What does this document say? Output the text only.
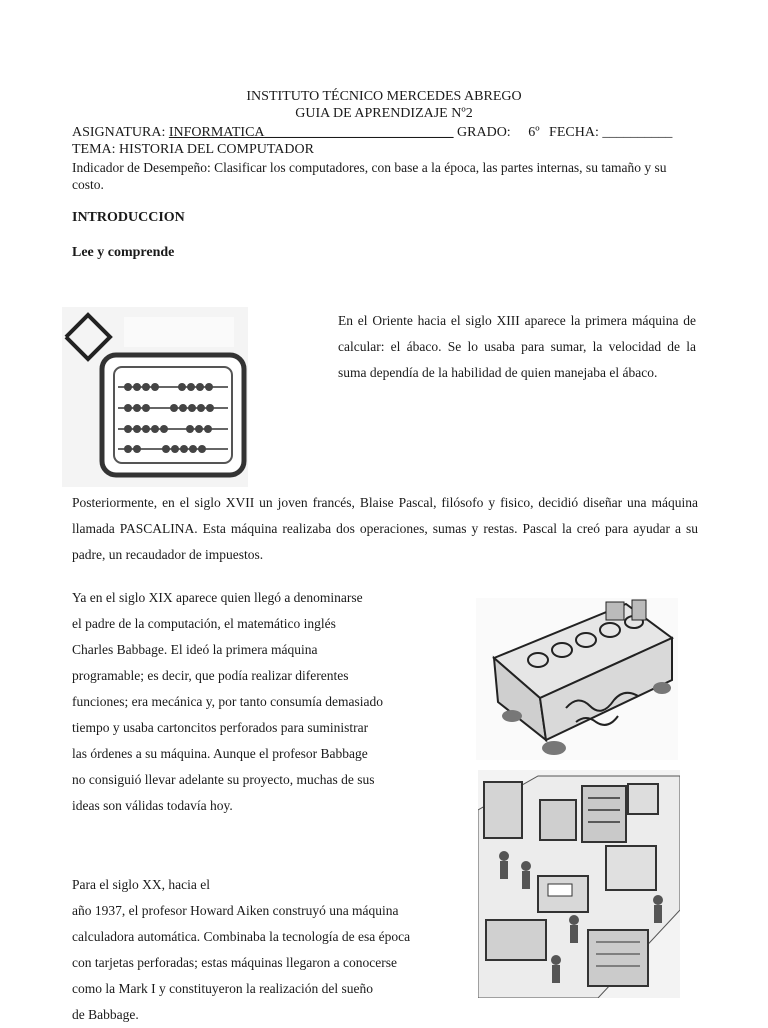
INSTITUTO TÉCNICO MERCEDES ABREGO
GUIA DE APRENDIZAJE Nº2
ASIGNATURA: INFORMATICA___________________________ GRADO: 6º FECHA: __________
TEMA: HISTORIA DEL COMPUTADOR
Indicador de Desempeño: Clasificar los computadores, con base a la época, las partes internas, su tamaño y su costo.
INTRODUCCION
Lee y comprende
En el Oriente hacia el siglo XIII aparece la primera máquina de calcular: el ábaco. Se lo usaba para sumar, la velocidad de la suma dependía de la habilidad de quien manejaba el ábaco.
Posteriormente, en el siglo XVII un joven francés, Blaise Pascal, filósofo y fisico, decidió diseñar una máquina llamada PASCALINA. Esta máquina realizaba dos operaciones, sumas y restas. Pascal la creó para ayudar a su padre, un recaudador de impuestos.
Ya en el siglo XIX aparece quien llegó a denominarse
el padre de la computación, el matemático inglés
Charles Babbage. El ideó la primera máquina
programable; es decir, que podía realizar diferentes
funciones; era mecánica y, por tanto consumía demasiado
tiempo y usaba cartoncitos perforados para suministrar
las órdenes a su máquina. Aunque el profesor Babbage
no consiguió llevar adelante su proyecto, muchas de sus
ideas son válidas todavía hoy.
Para el siglo XX, hacia el
año 1937, el profesor Howard Aiken construyó una máquina
calculadora automática. Combinaba la tecnología de esa época
con tarjetas perforadas; estas máquinas llegaron a conocerse
como la Mark I y constituyeron la realización del sueño
de Babbage.
